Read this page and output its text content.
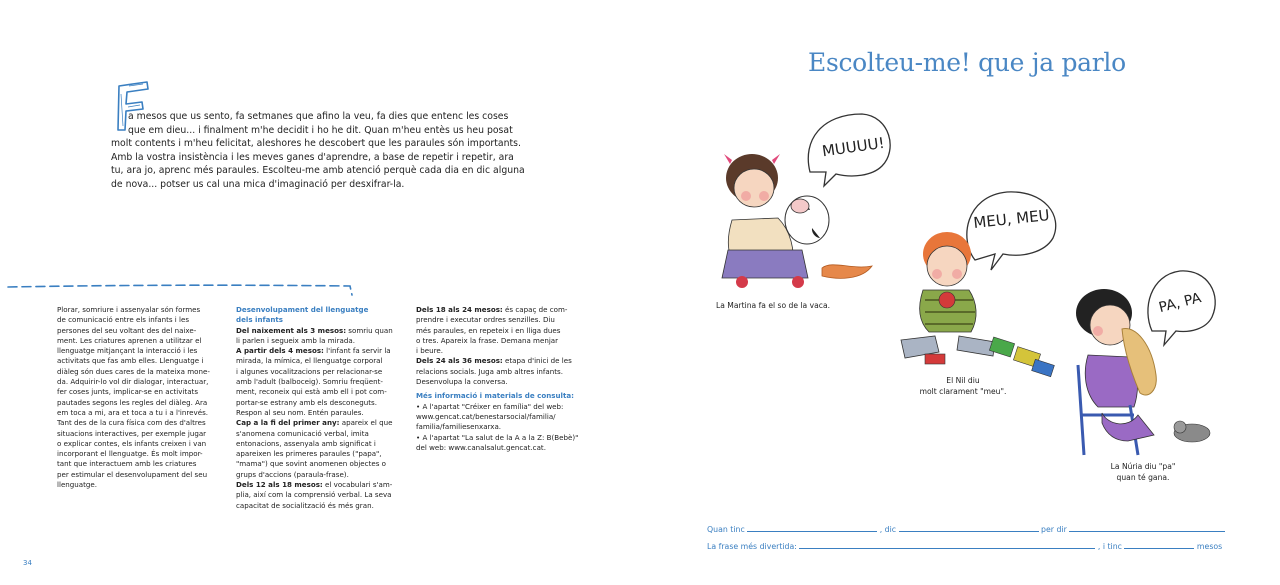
a mesos que us sento, fa setmanes que afino la veu, fa dies que entenc les coses
que em dieu... i finalment m'he decidit i ho he dit. Quan m'heu entès us heu posat
molt contents i m'heu felicitat, aleshores he descobert que les paraules són importants.
Amb la vostra insistència i les meves ganes d'aprendre, a base de repetir i repetir, ara
tu, ara jo, aprenc més paraules. Escolteu-me amb atenció perquè cada dia en dic alguna
de nova... potser us cal una mica d'imaginació per desxifrar-la.
Plorar, somriure i assenyalar són formes
de comunicació entre els infants i les
persones del seu voltant des del naixe-
ment. Les criatures aprenen a utilitzar el
llenguatge mitjançant la interacció i les
activitats que fas amb elles. Llenguatge i
diàleg són dues cares de la mateixa mone-
da. Adquirir-lo vol dir dialogar, interactuar,
fer coses junts, implicar-se en activitats
pautades segons les regles del diàleg. Ara
em toca a mi, ara et toca a tu i a l'inrevés.
Tant des de la cura física com des d'altres
situacions interactives, per exemple jugar
o explicar contes, els infants creixen i van
incorporant el llenguatge. És molt impor-
tant que interactuem amb les criatures
per estimular el desenvolupament del seu
llenguatge.
Desenvolupament del llenguatge
dels infants
Del naixement als 3 mesos: somriu quan
li parlen i segueix amb la mirada.
A partir dels 4 mesos: l'infant fa servir la
mirada, la mímica, el llenguatge corporal
i algunes vocalitzacions per relacionar-se
amb l'adult (balboceig). Somriu freqüent-
ment, reconeix qui està amb ell i pot com-
portar-se estrany amb els desconeguts.
Respon al seu nom. Entén paraules.
Cap a la fi del primer any: apareix el que
s'anomena comunicació verbal, imita
entonacions, assenyala amb significat i
apareixen les primeres paraules ("papa",
"mama") que sovint anomenen objectes o
grups d'accions (paraula-frase).
Dels 12 als 18 mesos: el vocabulari s'am-
plia, així com la comprensió verbal. La seva
capacitat de socialització és més gran.
Dels 18 als 24 mesos: és capaç de com-
prendre i executar ordres senzilles. Diu
més paraules, en repeteix i en lliga dues
o tres. Apareix la frase. Demana menjar
i beure.
Dels 24 als 36 mesos: etapa d'inici de les
relacions socials. Juga amb altres infants.
Desenvolupa la conversa.
Més informació i materials de consulta:
• A l'apartat "Créixer en família" del web:
www.gencat.cat/benestarsocial/familia/
familia/familiesenxarxa.
• A l'apartat "La salut de la A a la Z: B(Bebè)"
del web: www.canalsalut.gencat.cat.
34
Escolteu-me! que ja parlo
MUUUU!
La Martina fa el so de la vaca.
MEU, MEU
El Nil diu
molt clarament "meu".
PA, PA
La Núria diu "pa"
quan té gana.
Quan tinc	, dic	per dir
La frase més divertida:	, i tinc	mesos
